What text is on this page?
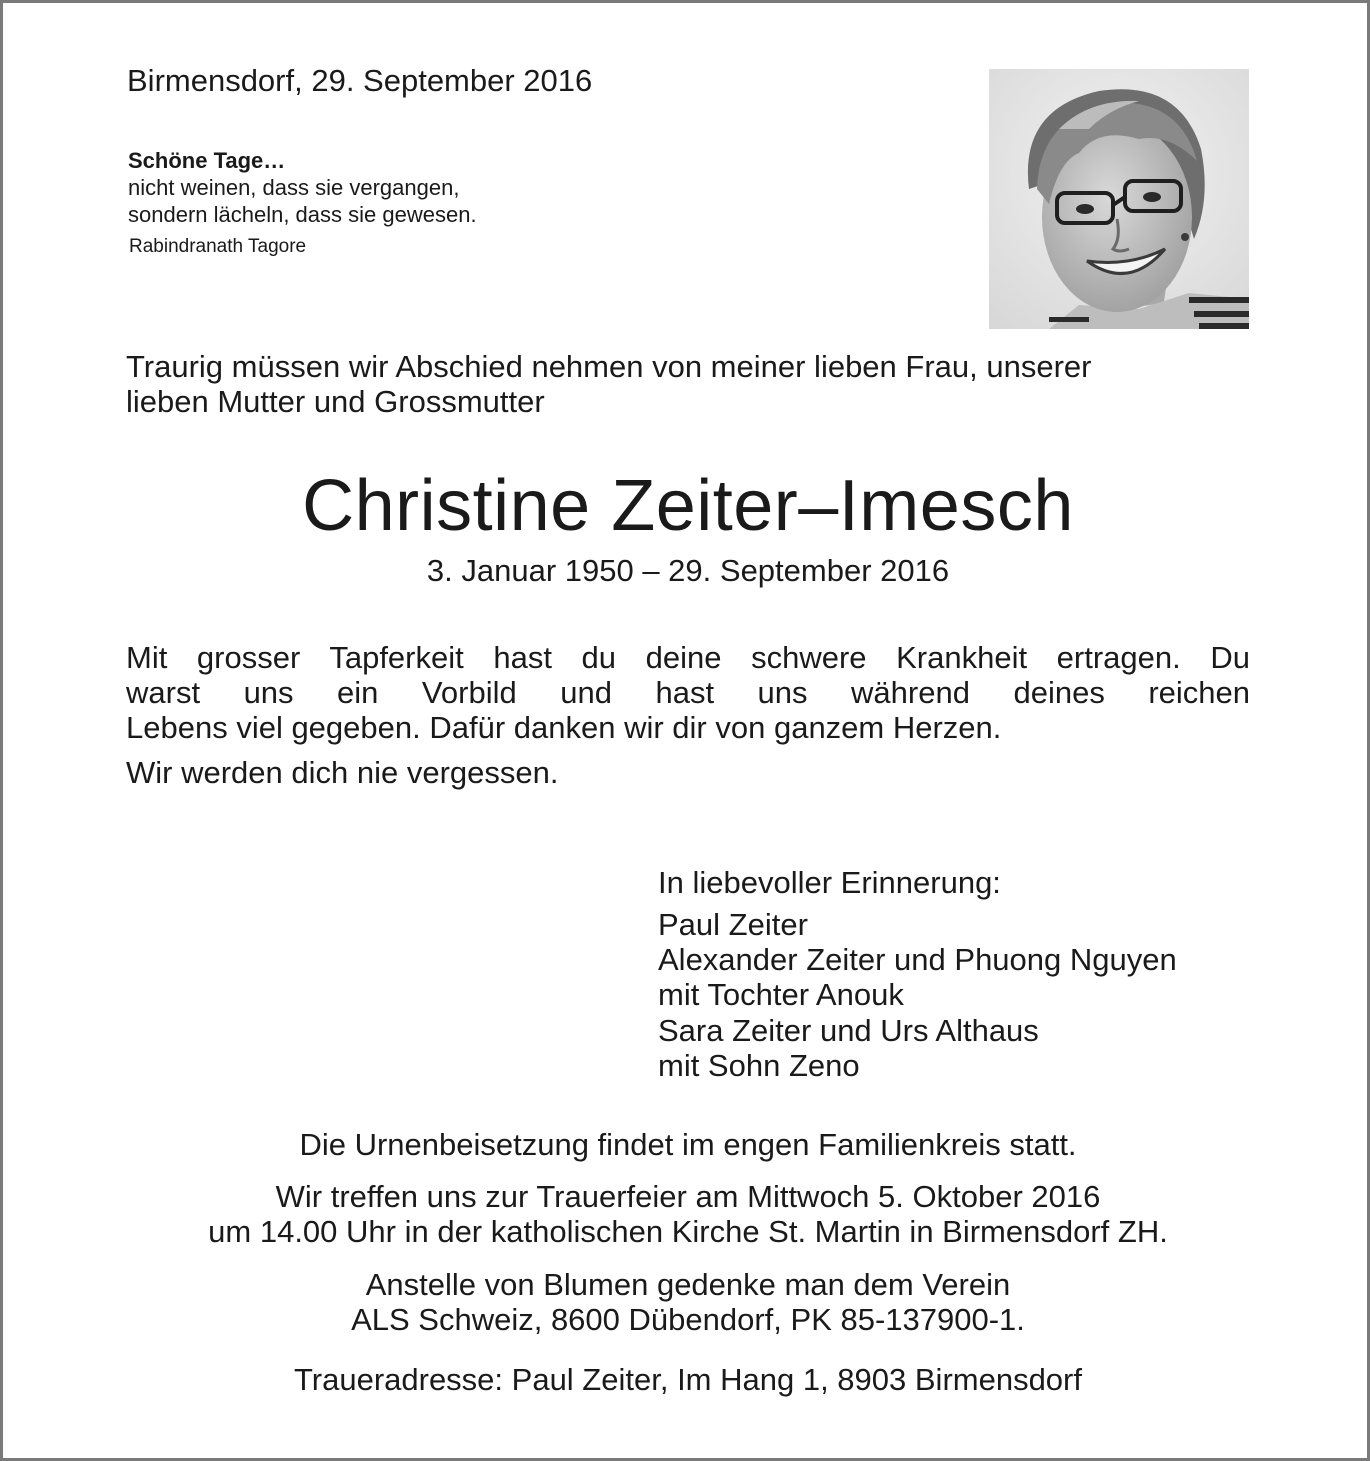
Birmensdorf, 29. September 2016

Schöne Tage…
nicht weinen, dass sie vergangen,
sondern lächeln, dass sie gewesen.

Rabindranath Tagore

Traurig müssen wir Abschied nehmen von meiner lieben Frau, unserer
lieben Mutter und Grossmutter
Christine Zeiter–Imesch

3. Januar 1950 – 29. September 2016

Mit grosser Tapferkeit hast du deine schwere Krankheit ertragen. Du
warst uns ein Vorbild und hast uns während deines reichen
Lebens viel gegeben. Dafür danken wir dir von ganzem Herzen.

Wir werden dich nie vergessen.

In liebevoller Erinnerung:

Paul Zeiter
Alexander Zeiter und Phuong Nguyen
mit Tochter Anouk
Sara Zeiter und Urs Althaus
mit Sohn Zeno

Die Urnenbeisetzung findet im engen Familienkreis statt.

Wir treffen uns zur Trauerfeier am Mittwoch 5. Oktober 2016
um 14.00 Uhr in der katholischen Kirche St. Martin in Birmensdorf ZH.
Anstelle von Blumen gedenke man dem Verein
ALS Schweiz, 8600 Dübendorf, PK 85-137900-1.

Traueradresse: Paul Zeiter, Im Hang 1, 8903 Birmensdorf
